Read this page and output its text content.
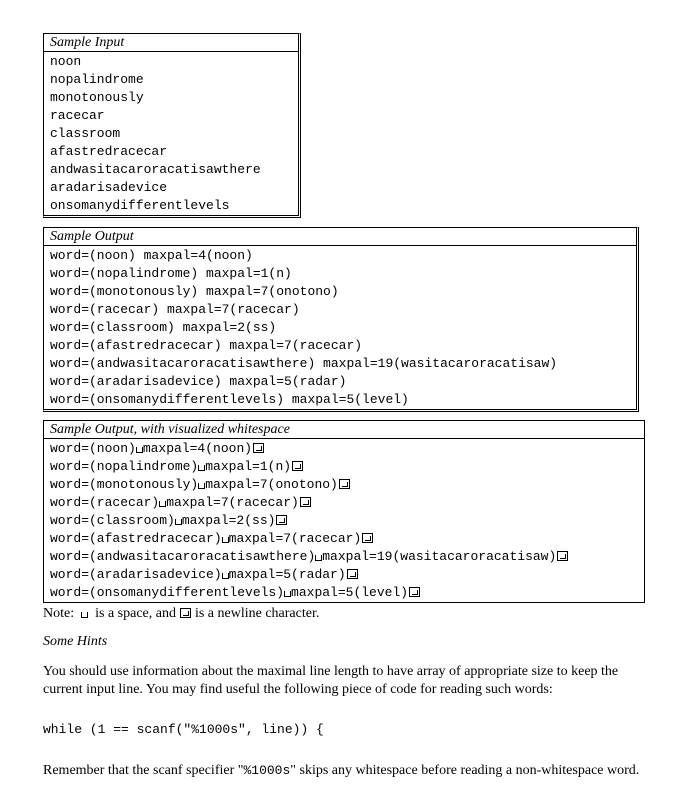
Sample Input
noon
nopalindrome
monotonously
racecar
classroom
afastredracecar
andwasitacaroracatisawthere
aradarisadevice
onsomanydifferentlevels
Sample Output
word=(noon) maxpal=4(noon)
word=(nopalindrome) maxpal=1(n)
word=(monotonously) maxpal=7(onotono)
word=(racecar) maxpal=7(racecar)
word=(classroom) maxpal=2(ss)
word=(afastredracecar) maxpal=7(racecar)
word=(andwasitacaroracatisawthere) maxpal=19(wasitacaroracatisaw)
word=(aradarisadevice) maxpal=5(radar)
word=(onsomanydifferentlevels) maxpal=5(level)
Sample Output, with visualized whitespace
word=(noon) maxpal=4(noon)
word=(nopalindrome) maxpal=1(n)
word=(monotonously) maxpal=7(onotono)
word=(racecar) maxpal=7(racecar)
word=(classroom) maxpal=2(ss)
word=(afastredracecar) maxpal=7(racecar)
word=(andwasitacaroracatisawthere) maxpal=19(wasitacaroracatisaw)
word=(aradarisadevice) maxpal=5(radar)
word=(onsomanydifferentlevels) maxpal=5(level)
Note: is a space, and is a newline character.
Some Hints
You should use information about the maximal line length to have array of appropriate size to keep the current input line. You may find useful the following piece of code for reading such words:
while (1 == scanf("%1000s", line)) {
Remember that the scanf specifier "%1000s" skips any whitespace before reading a non-whitespace word.
